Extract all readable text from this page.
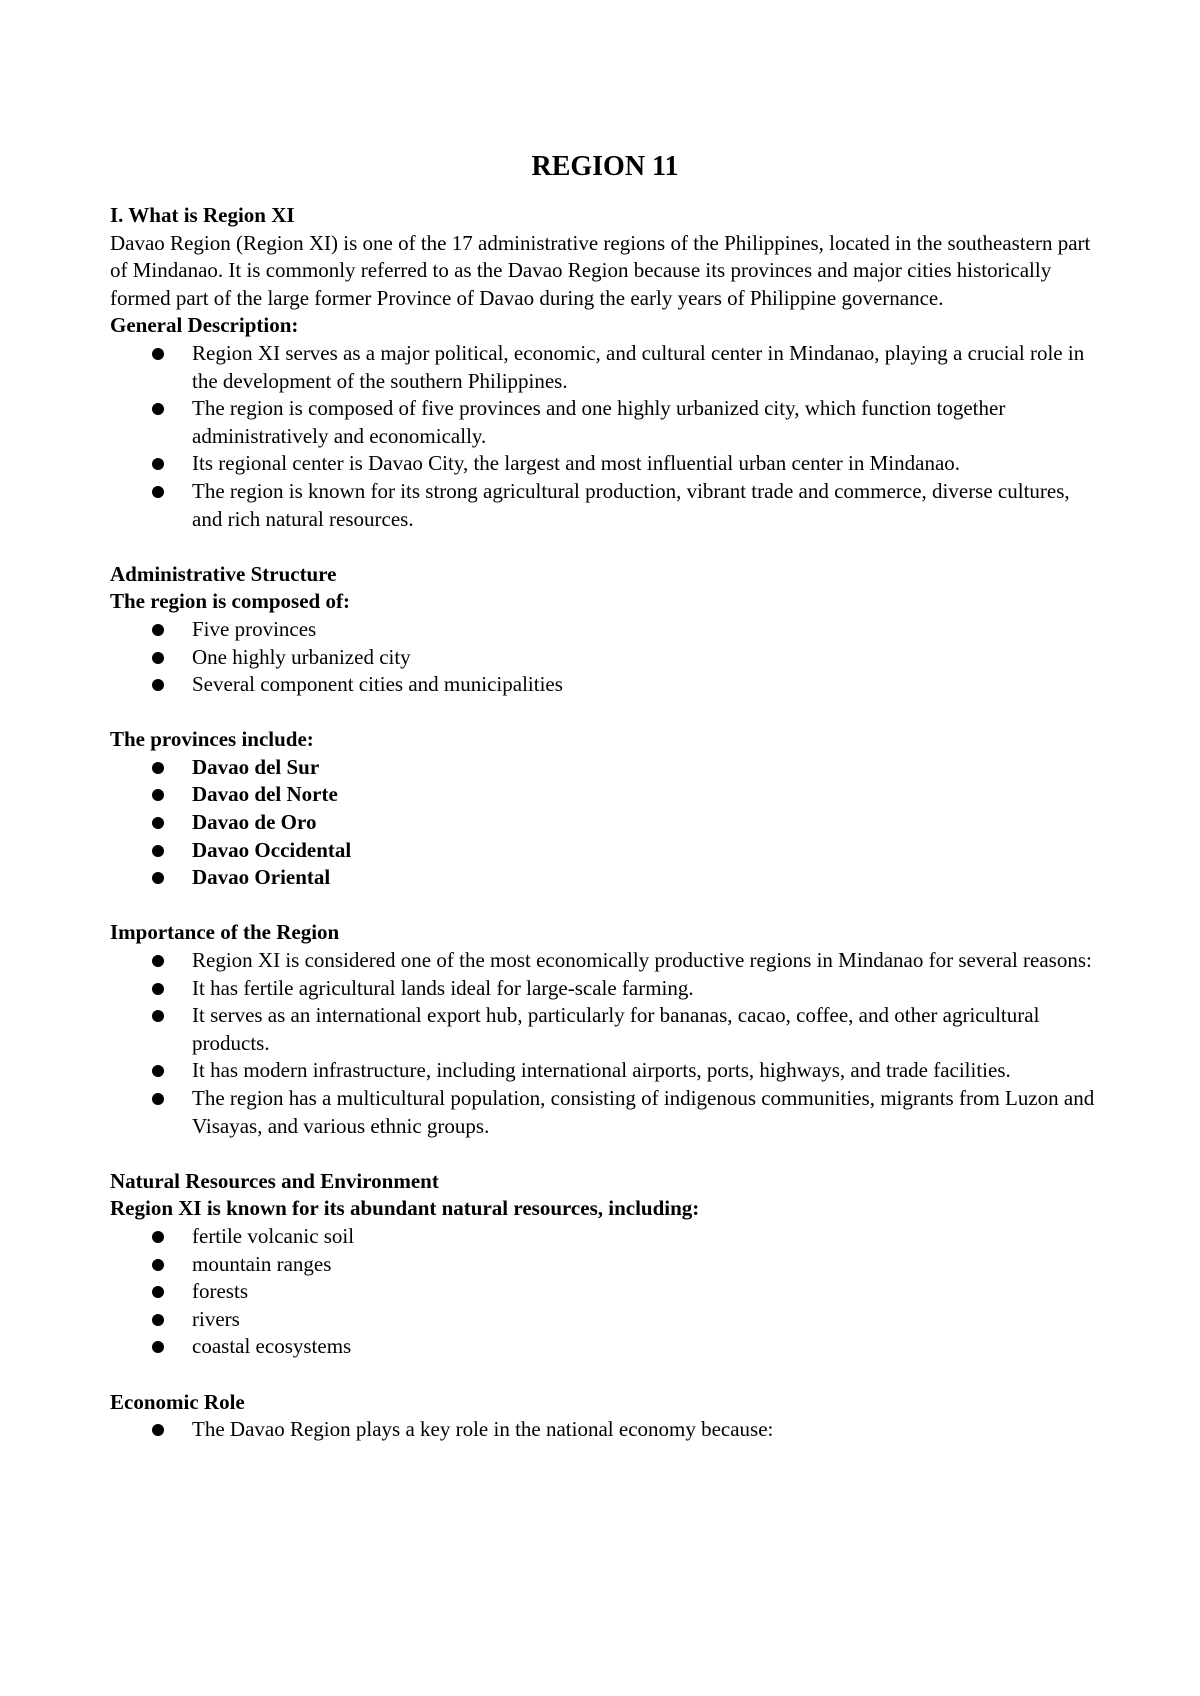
REGION 11
I. What is Region XI

Davao Region (Region XI) is one of the 17 administrative regions of the Philippines, located in the southeastern part of Mindanao. It is commonly referred to as the Davao Region because its provinces and major cities historically formed part of the large former Province of Davao during the early years of Philippine governance.

General Description:
Region XI serves as a major political, economic, and cultural center in Mindanao, playing a crucial role in the development of the southern Philippines.
The region is composed of five provinces and one highly urbanized city, which function together administratively and economically.
Its regional center is Davao City, the largest and most influential urban center in Mindanao.
The region is known for its strong agricultural production, vibrant trade and commerce, diverse cultures, and rich natural resources.
Administrative Structure
The region is composed of:
Five provinces
One highly urbanized city
Several component cities and municipalities
The provinces include:
Davao del Sur
Davao del Norte
Davao de Oro
Davao Occidental
Davao Oriental
Importance of the Region
Region XI is considered one of the most economically productive regions in Mindanao for several reasons:
It has fertile agricultural lands ideal for large-scale farming.
It serves as an international export hub, particularly for bananas, cacao, coffee, and other agricultural products.
It has modern infrastructure, including international airports, ports, highways, and trade facilities.
The region has a multicultural population, consisting of indigenous communities, migrants from Luzon and Visayas, and various ethnic groups.
Natural Resources and Environment
Region XI is known for its abundant natural resources, including:
fertile volcanic soil
mountain ranges
forests
rivers
coastal ecosystems
Economic Role
The Davao Region plays a key role in the national economy because:
